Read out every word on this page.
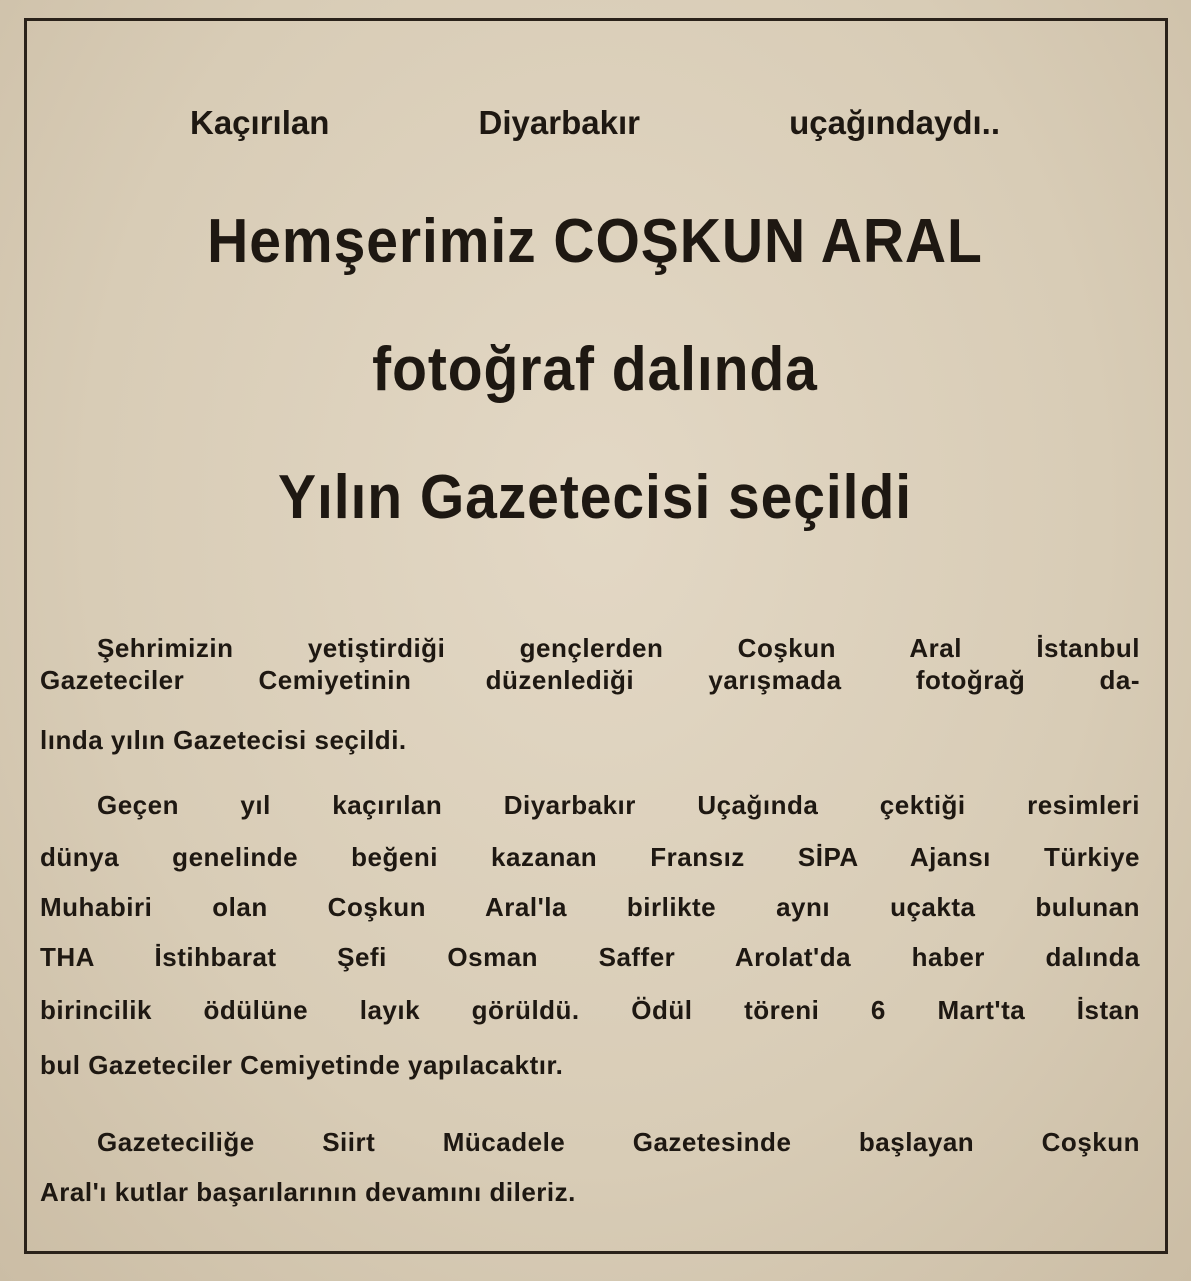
Kaçırılan Diyarbakır uçağındaydı..
Hemşerimiz COŞKUN ARAL
fotoğraf dalında
Yılın Gazetecisi seçildi
Şehrimizin yetiştirdiği gençlerden Coşkun Aral İstanbul
Gazeteciler Cemiyetinin düzenlediği yarışmada fotoğrağ da-
lında yılın Gazetecisi seçildi.
Geçen yıl kaçırılan Diyarbakır Uçağında çektiği resimleri
dünya genelinde beğeni kazanan Fransız SİPA Ajansı Türkiye
Muhabiri olan Coşkun Aral'la birlikte aynı uçakta bulunan
THA İstihbarat Şefi Osman Saffer Arolat'da haber dalında
birincilik ödülüne layık görüldü. Ödül töreni 6 Mart'ta İstan
bul Gazeteciler Cemiyetinde yapılacaktır.
Gazeteciliğe Siirt Mücadele Gazetesinde başlayan Coşkun
Aral'ı kutlar başarılarının devamını dileriz.
